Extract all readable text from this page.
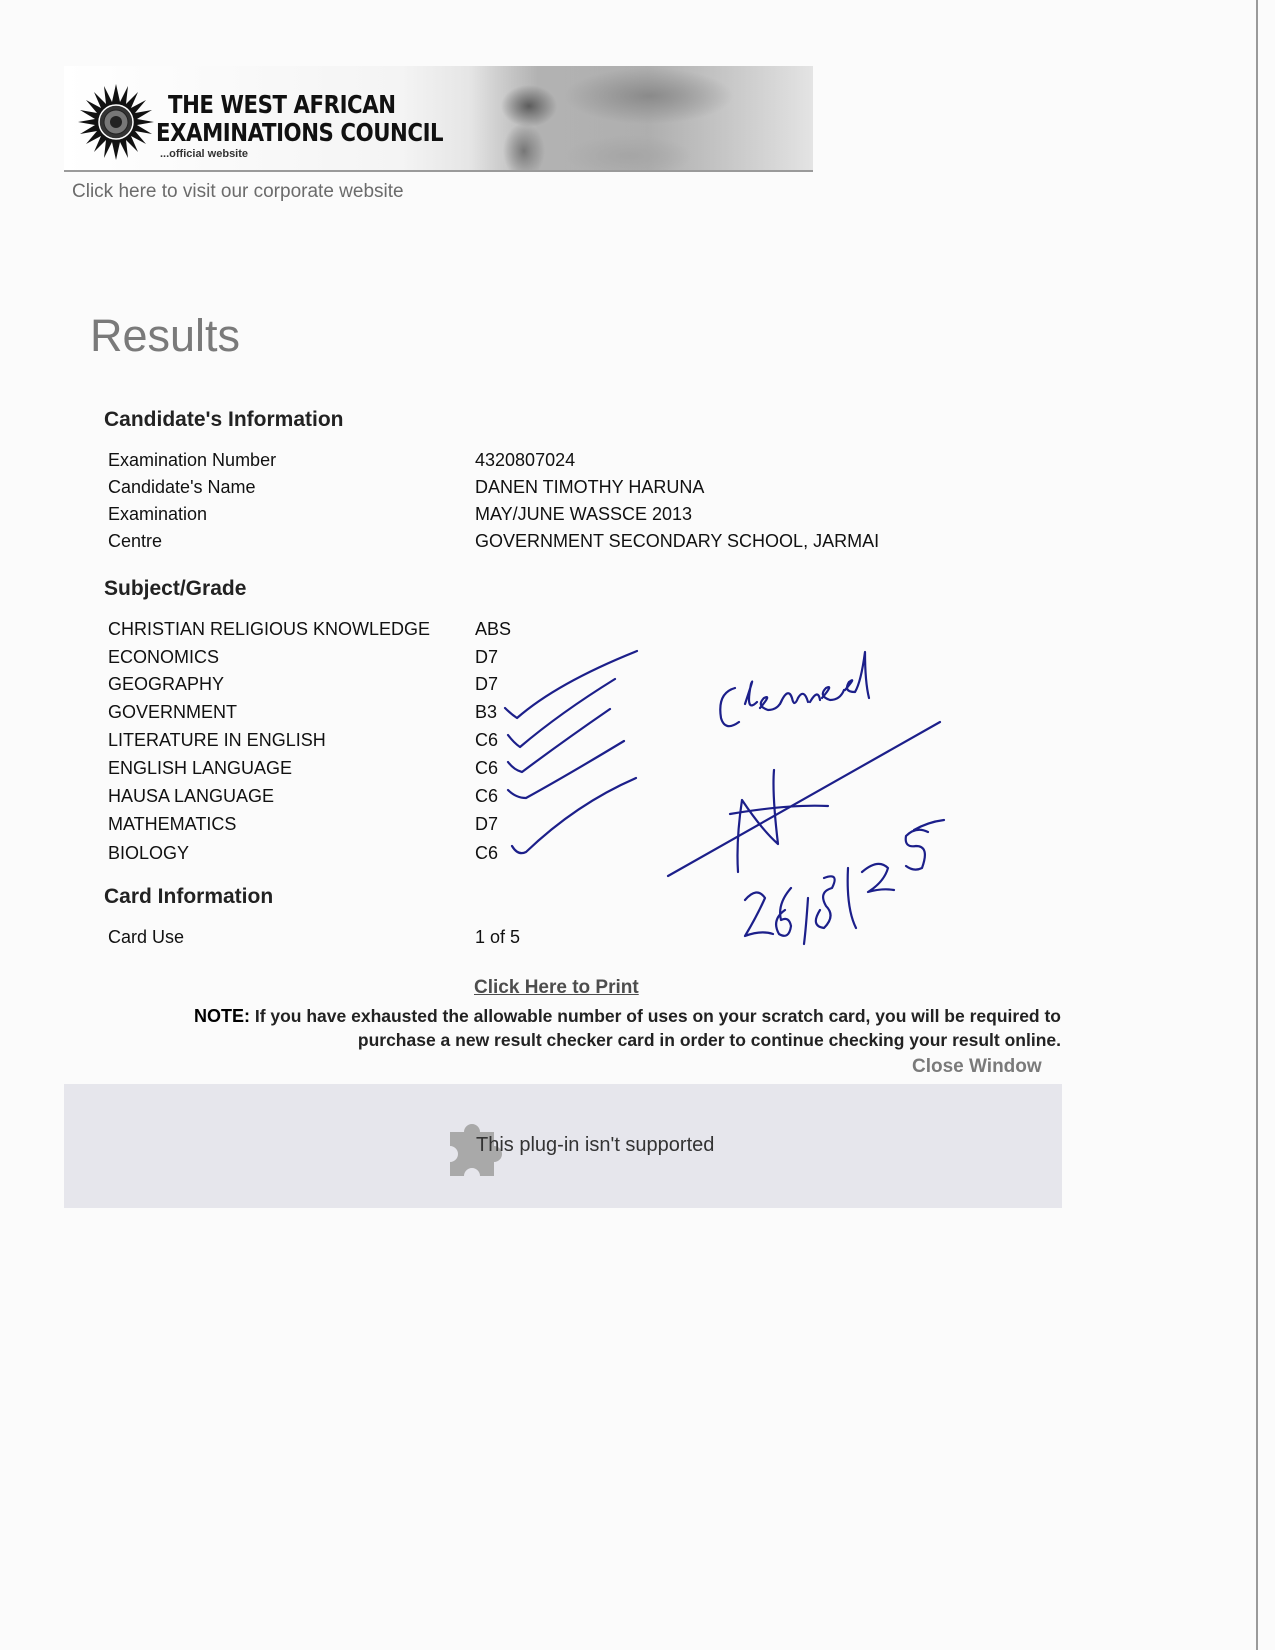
THE WEST AFRICAN
EXAMINATIONS COUNCIL
...official website
Click here to visit our corporate website
Results
Candidate's Information
Examination Number	4320807024
Candidate's Name	DANEN TIMOTHY HARUNA
Examination	MAY/JUNE WASSCE 2013
Centre	GOVERNMENT SECONDARY SCHOOL, JARMAI
Subject/Grade
CHRISTIAN RELIGIOUS KNOWLEDGE ABS
ECONOMICS	D7
GEOGRAPHY	D7
GOVERNMENT	B3
LITERATURE IN ENGLISH	C6
ENGLISH LANGUAGE	C6
HAUSA LANGUAGE	C6
MATHEMATICS	D7
BIOLOGY	C6
Card Information
Card Use	1 of 5
Click Here to Print
NOTE: If you have exhausted the allowable number of uses on your scratch card, you will be required to purchase a new result checker card in order to continue checking your result online.
Close Window
This plug-in isn't supported
